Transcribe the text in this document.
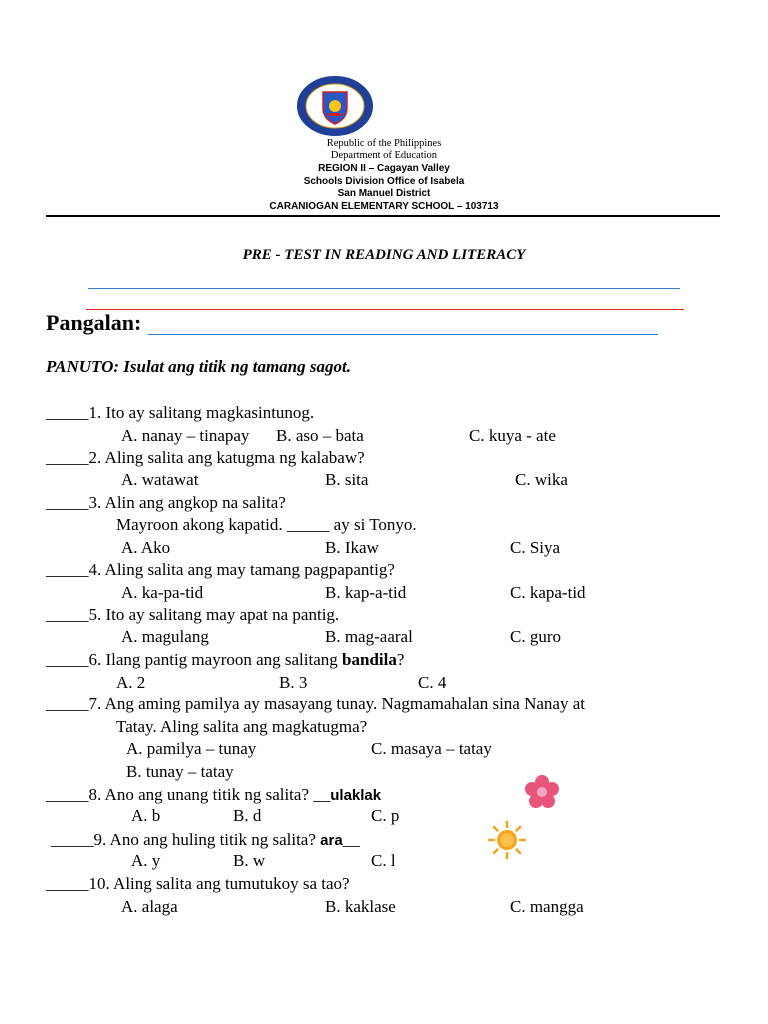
Republic of the Philippines
Department of Education
REGION II – Cagayan Valley
Schools Division Office of Isabela
San Manuel District
CARANIOGAN ELEMENTARY SCHOOL – 103713
PRE - TEST IN READING AND LITERACY
Pangalan:
PANUTO: Isulat ang titik ng tamang sagot.
_____1. Ito ay salitang magkasintunog.
A. nanay – tinapay B. aso – bata	C. kuya - ate
_____2. Aling salita ang katugma ng kalabaw?
A. watawat	B. sita	C. wika
_____3. Alin ang angkop na salita?
Mayroon akong kapatid. _____ ay si Tonyo.
A. Ako	B. Ikaw	C. Siya
_____4. Aling salita ang may tamang pagpapantig?
A. ka-pa-tid	B. kap-a-tid	C. kapa-tid
_____5. Ito ay salitang may apat na pantig.
A. magulang	B. mag-aaral	C. guro
_____6. Ilang pantig mayroon ang salitang bandila?
A. 2	B. 3	C. 4
_____7. Ang aming pamilya ay masayang tunay. Nagmamahalan sina Nanay at
Tatay. Aling salita ang magkatugma?
A. pamilya – tunay	C. masaya – tatay
B. tunay – tatay
_____8. Ano ang unang titik ng salita? __ulaklak
A. b	B. d	C. p
_____9. Ano ang huling titik ng salita? ara__
A. y	B. w	C. l
_____10. Aling salita ang tumutukoy sa tao?
A. alaga	B. kaklase	C. mangga
